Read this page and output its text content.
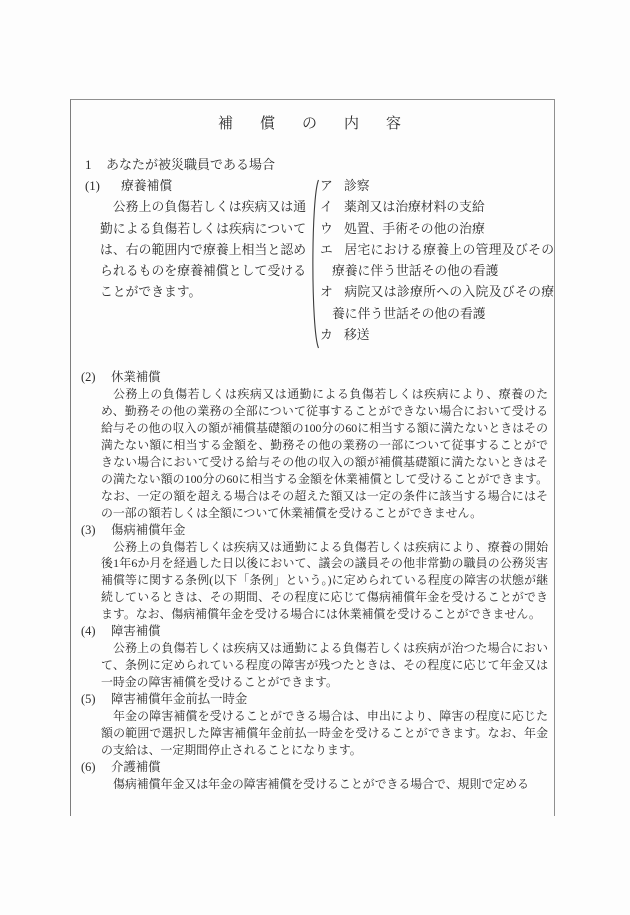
補　償　の　内　容
1 あなたが被災職員である場合
(1) 療養補償

公務上の負傷若しくは疾病又は通勤による負傷若しくは疾病については、右の範囲内で療養上相当と認められるものを療養補償として受けることができます。

ア 診察
イ 薬剤又は治療材料の支給
ウ 処置、手術その他の治療
エ 居宅における療養上の管理及びその療養に伴う世話その他の看護
オ 病院又は診療所への入院及びその療養に伴う世話その他の看護
カ 移送
(2) 休業補償

公務上の負傷若しくは疾病又は通勤による負傷若しくは疾病により、療養のため、勤務その他の業務の全部について従事することができない場合において受ける給与その他の収入の額が補償基礎額の100分の60に相当する額に満たないときはその満たない額に相当する金額を、勤務その他の業務の一部について従事することができない場合において受ける給与その他の収入の額が補償基礎額に満たないときはその満たない額の100分の60に相当する金額を休業補償として受けることができます。なお、一定の額を超える場合はその超えた額又は一定の条件に該当する場合にはその一部の額若しくは全額について休業補償を受けることができません。

(3) 傷病補償年金

公務上の負傷若しくは疾病又は通勤による負傷若しくは疾病により、療養の開始後1年6か月を経過した日以後において、議会の議員その他非常勤の職員の公務災害補償等に関する条例(以下「条例」という。)に定められている程度の障害の状態が継続しているときは、その期間、その程度に応じて傷病補償年金を受けることができます。なお、傷病補償年金を受ける場合には休業補償を受けることができません。

(4) 障害補償

公務上の負傷若しくは疾病又は通勤による負傷若しくは疾病が治つた場合において、条例に定められている程度の障害が残つたときは、その程度に応じて年金又は一時金の障害補償を受けることができます。

(5) 障害補償年金前払一時金

年金の障害補償を受けることができる場合は、申出により、障害の程度に応じた額の範囲で選択した障害補償年金前払一時金を受けることができます。なお、年金の支給は、一定期間停止されることになります。

(6) 介護補償

傷病補償年金又は年金の障害補償を受けることができる場合で、規則で定める
